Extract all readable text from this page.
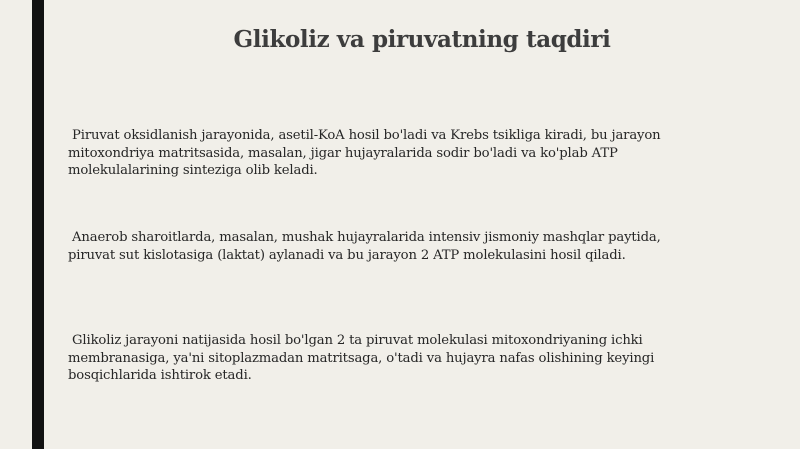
Glikoliz va piruvatning taqdiri

Piruvat oksidlanish jarayonida, asetil-KoA hosil bo'ladi va Krebs tsikliga kiradi, bu jarayon
mitoxondriya matritsasida, masalan, jigar hujayralarida sodir bo'ladi va ko'plab ATP
molekulalarining sinteziga olib keladi.

Anaerob sharoitlarda, masalan, mushak hujayralarida intensiv jismoniy mashqlar paytida,
piruvat sut kislotasiga (laktat) aylanadi va bu jarayon 2 ATP molekulasini hosil qiladi.

Glikoliz jarayoni natijasida hosil bo'lgan 2 ta piruvat molekulasi mitoxondriyaning ichki
membranasiga, ya'ni sitoplazmadan matritsaga, o'tadi va hujayra nafas olishining keyingi
bosqichlarida ishtirok etadi.
